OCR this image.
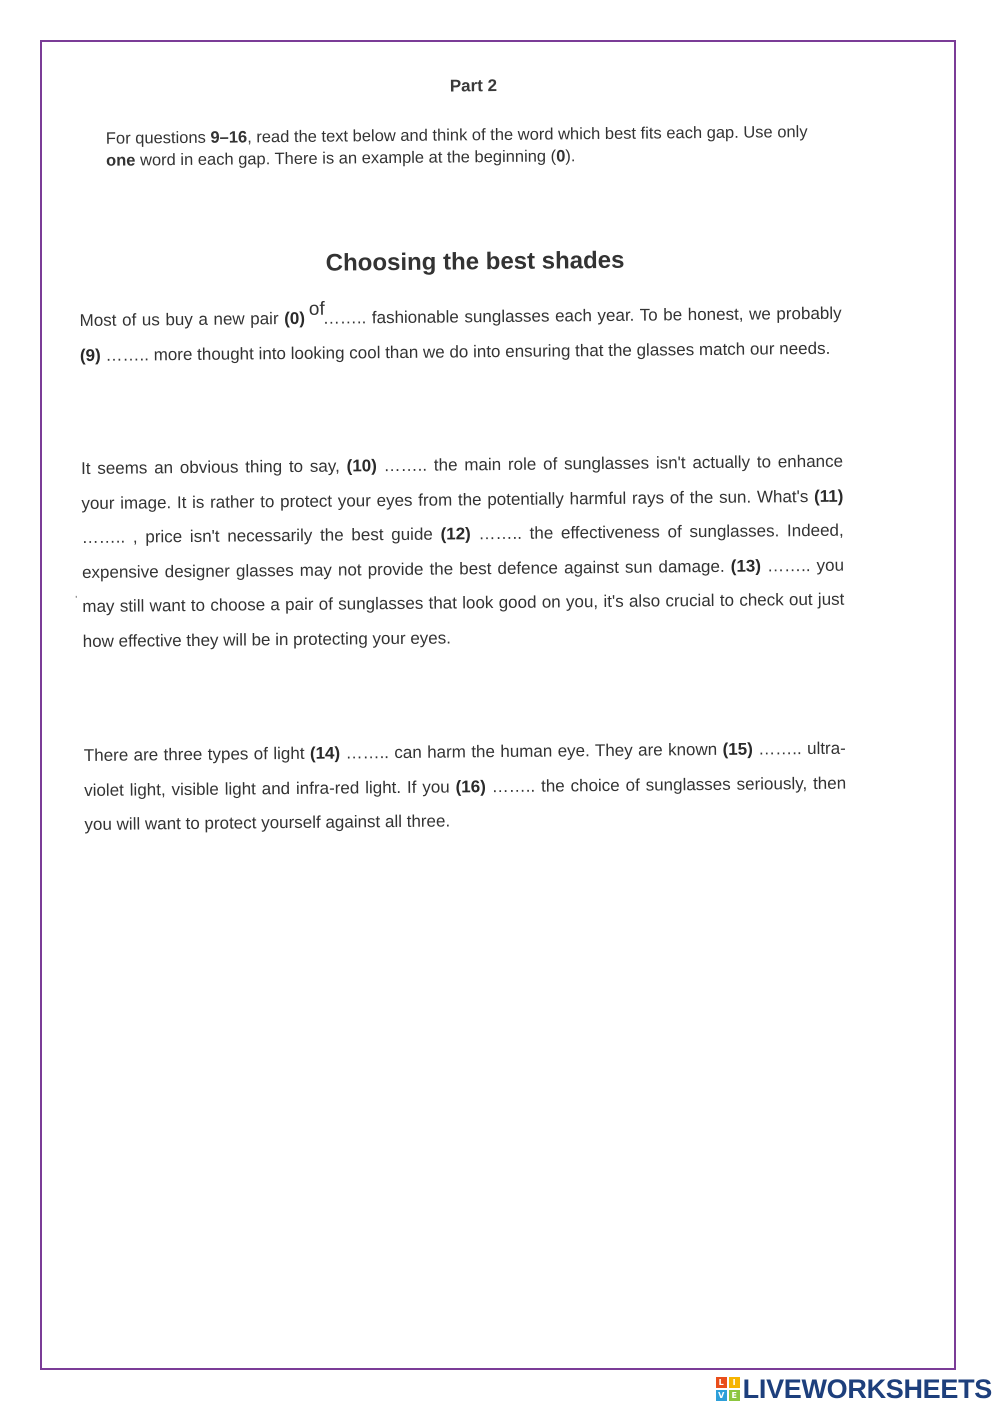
Part 2
For questions 9–16, read the text below and think of the word which best fits each gap. Use only one word in each gap. There is an example at the beginning (0).
Choosing the best shades
Most of us buy a new pair (0) of…….. fashionable sunglasses each year. To be honest, we probably (9) …….. more thought into looking cool than we do into ensuring that the glasses match our needs.
It seems an obvious thing to say, (10) …….. the main role of sunglasses isn't actually to enhance your image. It is rather to protect your eyes from the potentially harmful rays of the sun. What's (11) …….. , price isn't necessarily the best guide (12) …….. the effectiveness of sunglasses. Indeed, expensive designer glasses may not provide the best defence against sun damage. (13) …….. you may still want to choose a pair of sunglasses that look good on you, it's also crucial to check out just how effective they will be in protecting your eyes.
'
There are three types of light (14) …….. can harm the human eye. They are known (15) …….. ultra-violet light, visible light and infra-red light. If you (16) …….. the choice of sunglasses seriously, then you will want to protect yourself against all three.
L	I
V E LIVEWORKSHEETS
